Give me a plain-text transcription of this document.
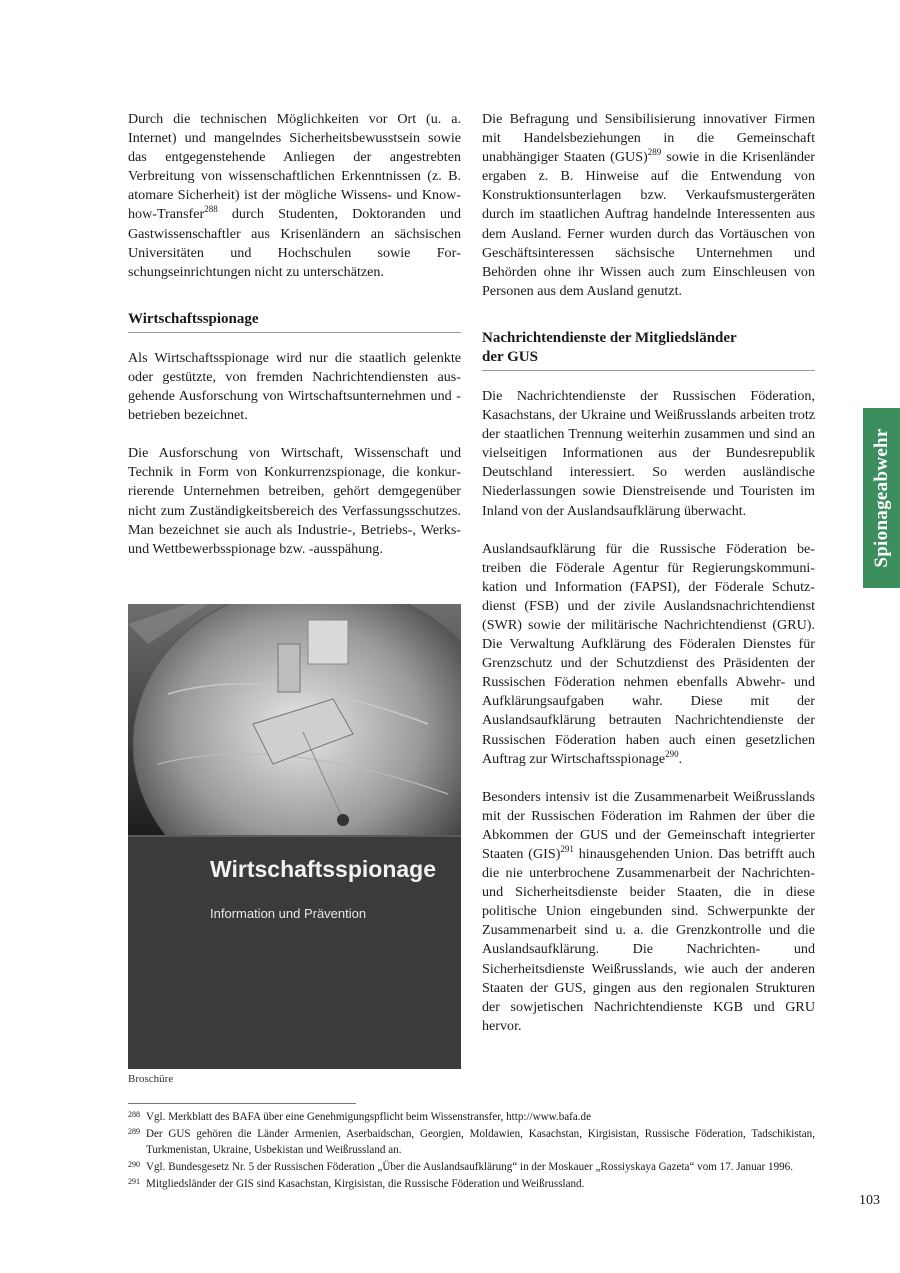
Durch die technischen Möglichkeiten vor Ort (u. a. Internet) und mangelndes Sicherheitsbewusstsein sowie das entgegenstehende Anliegen der angestrebten Verbreitung von wissenschaftlichen Erkenntnissen (z. B. atomare Sicherheit) ist der mögliche Wissens- und Know-how-Transfer$^{288}$ durch Studenten, Doktoranden und Gastwissenschaftler aus Krisenländern an sächsischen Universitäten und Hochschulen sowie Forschungseinrichtungen nicht zu unterschätzen.

Wirtschaftsspionage

Als Wirtschaftsspionage wird nur die staatlich gelenkte oder gestützte, von fremden Nachrichtendiensten ausgehende Ausforschung von Wirtschaftsunternehmen und -betrieben bezeichnet.

Die Ausforschung von Wirtschaft, Wissenschaft und Technik in Form von Konkurrenzspionage, die konkurrierende Unternehmen betreiben, gehört demgegenüber nicht zum Zuständigkeitsbereich des Verfassungsschutzes. Man bezeichnet sie auch als Industrie-, Betriebs-, Werks- und Wettbewerbsspionage bzw. -ausspähung.

Wirtschaftsspionage
Information und Prävention
Broschüre

Die Befragung und Sensibilisierung innovativer Firmen mit Handelsbeziehungen in die Gemeinschaft unabhängiger Staaten (GUS)$^{289}$ sowie in die Krisenländer ergaben z. B. Hinweise auf die Entwendung von Konstruktionsunterlagen bzw. Verkaufsmustergeräten durch im staatlichen Auftrag handelnde Interessenten aus dem Ausland. Ferner wurden durch das Vortäuschen von Geschäftsinteressen sächsische Unternehmen und Behörden ohne ihr Wissen auch zum Einschleusen von Personen aus dem Ausland genutzt.

Nachrichtendienste der Mitgliedsländer
der GUS

Die Nachrichtendienste der Russischen Föderation, Kasachstans, der Ukraine und Weißrusslands arbeiten trotz der staatlichen Trennung weiterhin zusammen und sind an vielseitigen Informationen aus der Bundesrepublik Deutschland interessiert. So werden ausländische Niederlassungen sowie Dienstreisende und Touristen im Inland von der Auslandsaufklärung überwacht.

Auslandsaufklärung für die Russische Föderation betreiben die Föderale Agentur für Regierungskommunikation und Information (FAPSI), der Föderale Schutzdienst (FSB) und der zivile Auslandsnachrichtendienst (SWR) sowie der militärische Nachrichtendienst (GRU). Die Verwaltung Aufklärung des Föderalen Dienstes für Grenzschutz und der Schutzdienst des Präsidenten der Russischen Föderation nehmen ebenfalls Abwehr- und Aufklärungsaufgaben wahr. Diese mit der Auslandsaufklärung betrauten Nachrichtendienste der Russischen Föderation haben auch einen gesetzlichen Auftrag zur Wirtschaftsspionage$^{290}$.

Besonders intensiv ist die Zusammenarbeit Weißrusslands mit der Russischen Föderation im Rahmen der über die Abkommen der GUS und der Gemeinschaft integrierter Staaten (GIS)$^{291}$ hinausgehenden Union. Das betrifft auch die nie unterbrochene Zusammenarbeit der Nachrichten- und Sicherheitsdienste beider Staaten, die in diese politische Union eingebunden sind. Schwerpunkte der Zusammenarbeit sind u. a. die Grenzkontrolle und die Auslandsaufklärung. Die Nachrichten- und Sicherheitsdienste Weißrusslands, wie auch der anderen Staaten der GUS, gingen aus den regionalen Strukturen der sowjetischen Nachrichtendienste KGB und GRU hervor.

Spionageabwehr
288 Vgl. Merkblatt des BAFA über eine Genehmigungspflicht beim Wissenstransfer, http://www.bafa.de
289 Der GUS gehören die Länder Armenien, Aserbaidschan, Georgien, Moldawien, Kasachstan, Kirgisistan, Russische Föderation, Tadschikistan, Turkmenistan, Ukraine, Usbekistan und Weißrussland an.
290 Vgl. Bundesgesetz Nr. 5 der Russischen Föderation „Über die Auslandsaufklärung“ in der Moskauer „Rossiyskaya Gazeta“ vom 17. Januar 1996.
291 Mitgliedsländer der GIS sind Kasachstan, Kirgisistan, die Russische Föderation und Weißrussland.
103
